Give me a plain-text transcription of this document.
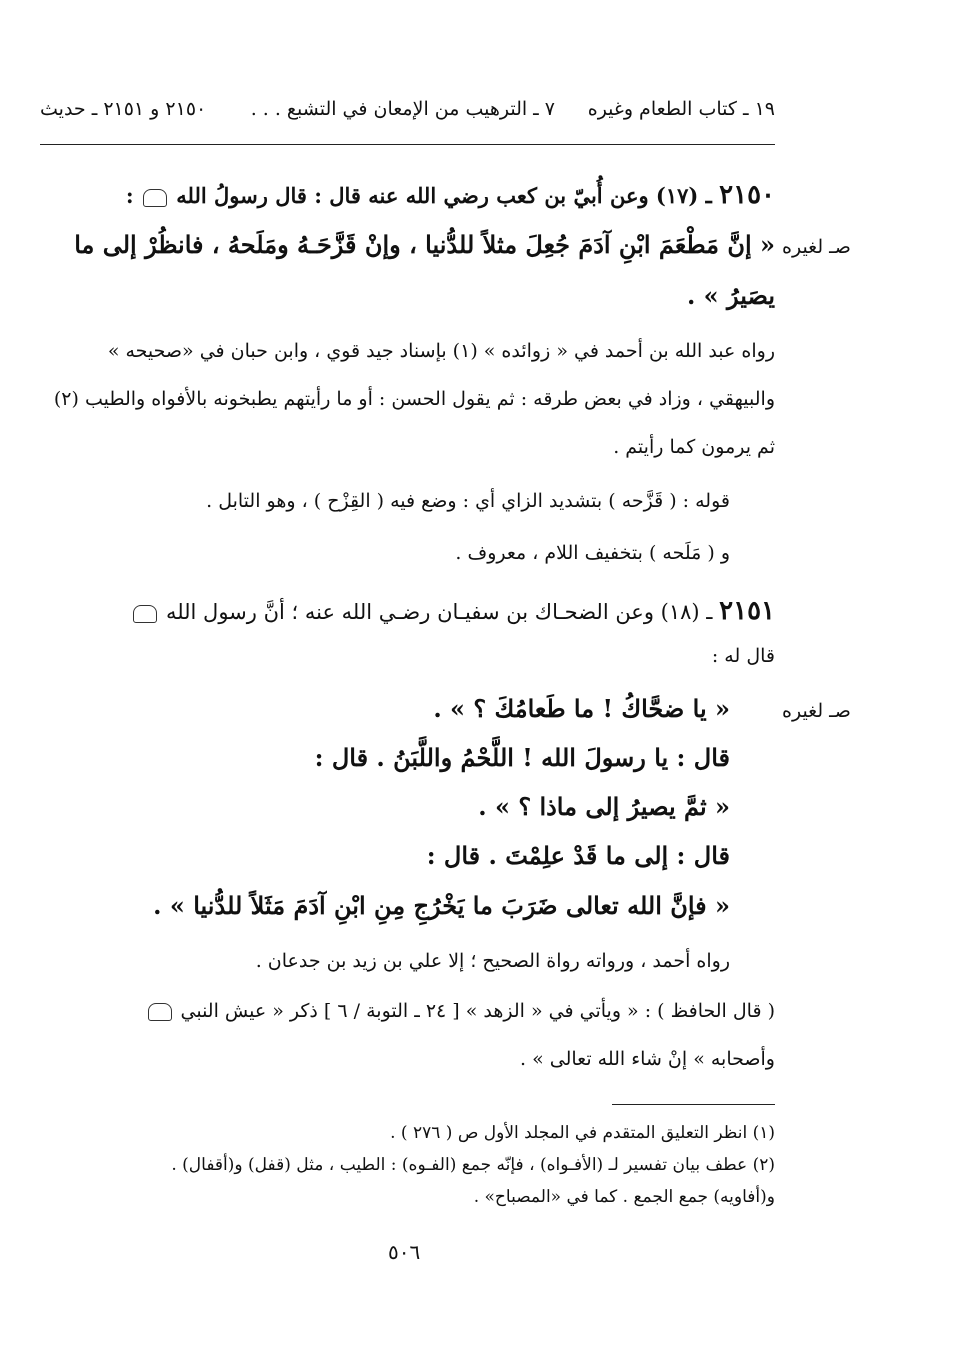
١٩ ـ كتاب الطعام وغيره
٧ ـ الترهيب من الإمعان في التشبع . . .
٢١٥٠ و ٢١٥١ ـ حديث
٢١٥٠ ـ (١٧) وعن أُبيّ بن كعب رضي الله عنه قال : قال رسولُ الله  :
صـ لغيره
« إنَّ مَطْعَمَ ابْنِ آدَمَ جُعِلَ مثلاً للدُّنيا ، وإنْ قَزَّحَـهُ ومَلَحهُ ، فانظُرْ إلى ما
يصَيرُ » .
رواه عبد الله بن أحمد في « زوائده » (١) بإسناد جيد قوي ، وابن حبان في «صحيحه »
والبيهقي ، وزاد في بعض طرقه : ثم يقول الحسن : أو ما رأيتهم يطبخونه بالأفواه والطيب (٢)
ثم يرمون كما رأيتم .
قوله : ( قَزَّحه ) بتشديد الزاي أي : وضع فيه ( القِزْح ) ، وهو التابل .
و ( مَلَحه ) بتخفيف اللام ، معروف .
٢١٥١ ـ (١٨) وعن الضحـاك بن سفيـان رضـي الله عنه ؛ أنَّ رسول الله
قال له :
صـ لغيره
« يا ضحَّاكُ ! ما طَعامُكَ ؟ » .
قال : يا رسولَ الله ! اللَّحْمُ واللَّبَنُ . قال :
« ثمَّ يصيرُ إلى ماذا ؟ » .
قال : إلى ما قَدْ علِمْتَ . قال :
« فإنَّ الله تعالى ضَرَبَ ما يَخْرُجِ مِنِ ابْنِ آدَمَ مَثَلاً للدُّنيا » .
رواه أحمد ، ورواته رواة الصحيح ؛ إلا علي بن زيد بن جدعان .
( قال الحافظ ) : « ويأتي في « الزهد » [ ٢٤ ـ التوبة / ٦ ] ذكر « عيش النبي
وأصحابه » إنْ شاء الله تعالى » .
(١) انظر التعليق المتقدم في المجلد الأول ص ( ٢٧٦ ) .
(٢) عطف بيان تفسير لـ (الأفـواه) ، فإنّه جمع (الفـوه) : الطيب ، مثل (قفل) و(أقفال) .
و(أفاويه) جمع الجمع . كما في «المصباح» .
٥٠٦
